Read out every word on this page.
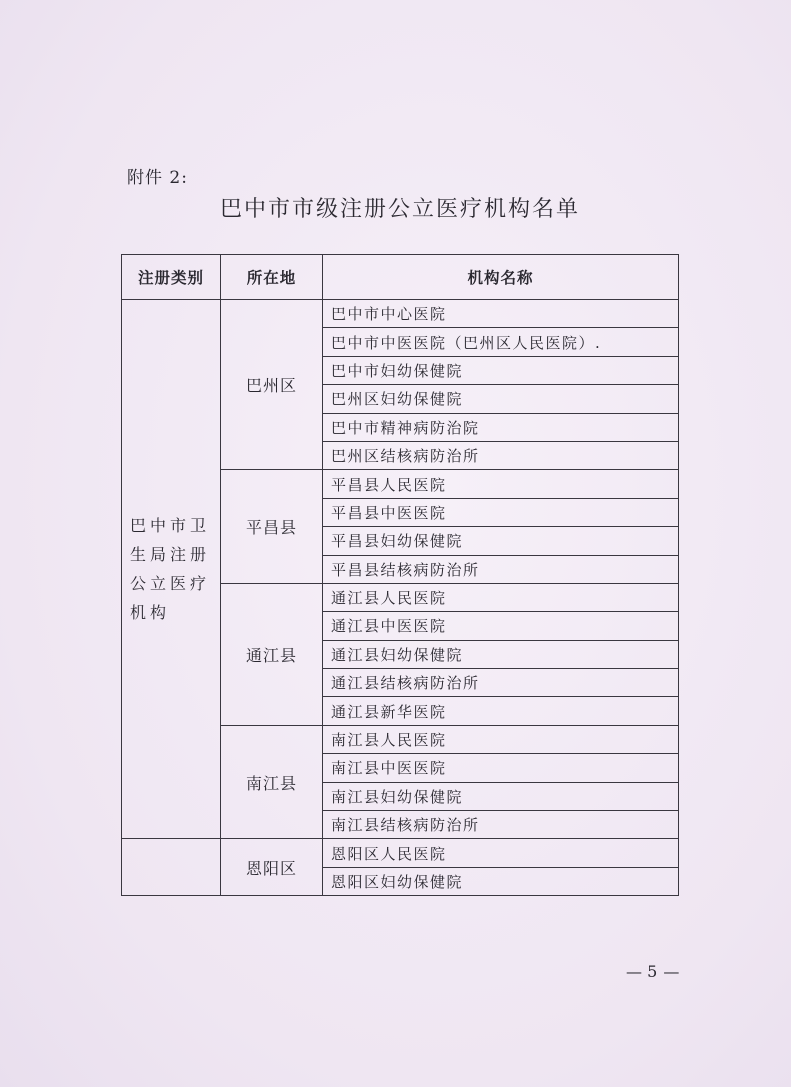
附件 2:
巴中市市级注册公立医疗机构名单
注册类别	所在地	机构名称
巴中市卫生局注册公立医疗机构	巴州区	巴中市中心医院
		巴中市中医医院（巴州区人民医院）.
		巴中市妇幼保健院
		巴州区妇幼保健院
		巴中市精神病防治院
		巴州区结核病防治所
	平昌县	平昌县人民医院
		平昌县中医医院
		平昌县妇幼保健院
		平昌县结核病防治所
	通江县	通江县人民医院
		通江县中医医院
		通江县妇幼保健院
		通江县结核病防治所
		通江县新华医院
	南江县	南江县人民医院
		南江县中医医院
		南江县妇幼保健院
		南江县结核病防治所
	恩阳区	恩阳区人民医院
		恩阳区妇幼保健院
— 5 —
